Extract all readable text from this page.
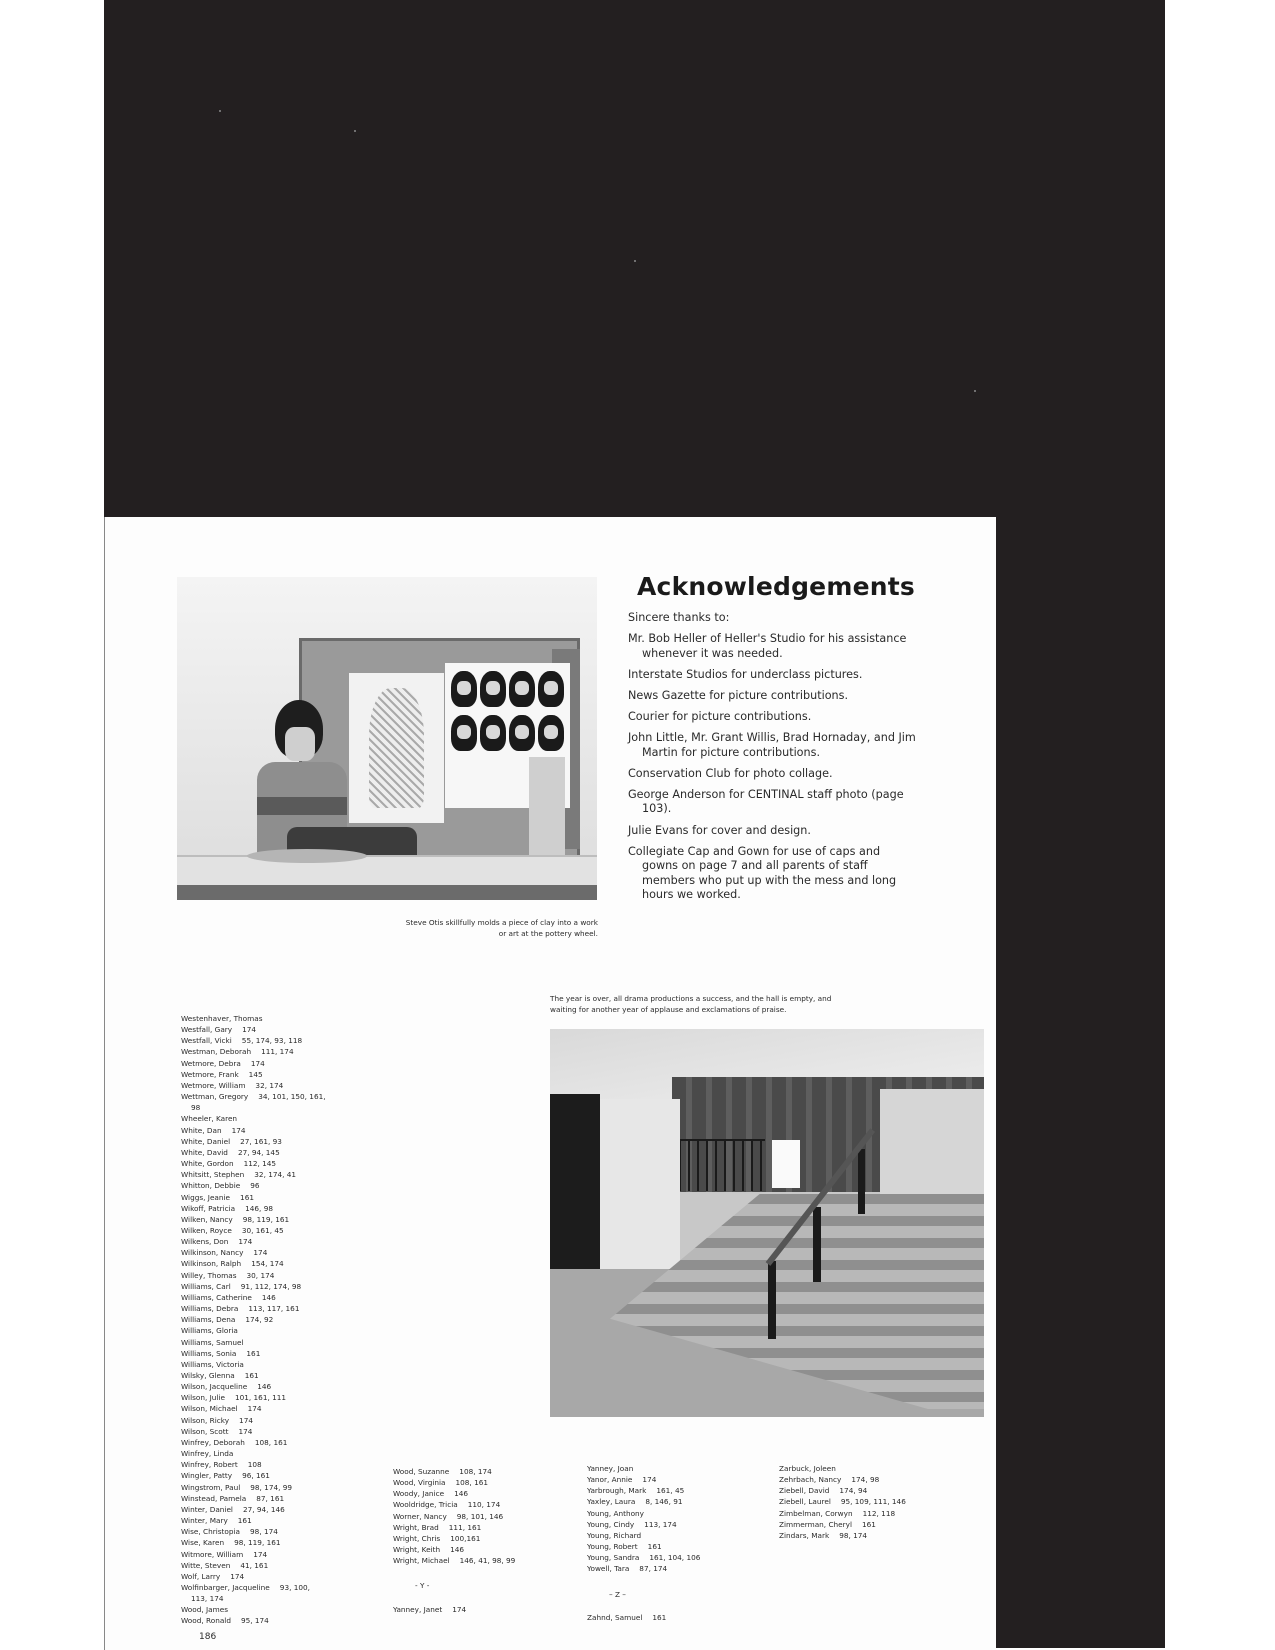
Steve Otis skillfully molds a piece of clay into a work
or art at the pottery wheel.
Acknowledgements
Sincere thanks to:
Mr. Bob Heller of Heller's Studio for his assistance whenever it was needed.
Interstate Studios for underclass pictures.
News Gazette for picture contributions.
Courier for picture contributions.
John Little, Mr. Grant Willis, Brad Hornaday, and Jim Martin for picture contributions.
Conservation Club for photo collage.
George Anderson for CENTINAL staff photo (page 103).
Julie Evans for cover and design.
Collegiate Cap and Gown for use of caps and gowns on page 7 and all parents of staff members who put up with the mess and long hours we worked.
The year is over, all drama productions a success, and the hall is empty, and
waiting for another year of applause and exclamations of praise.
Westenhaver, Thomas
Westfall, Gary 174
Westfall, Vicki 55, 174, 93, 118
Westman, Deborah 111, 174
Wetmore, Debra 174
Wetmore, Frank 145
Wetmore, William 32, 174
Wettman, Gregory 34, 101, 150, 161,
98
Wheeler, Karen
White, Dan 174
White, Daniel 27, 161, 93
White, David 27, 94, 145
White, Gordon 112, 145
Whitsitt, Stephen 32, 174, 41
Whitton, Debbie 96
Wiggs, Jeanie 161
Wikoff, Patricia 146, 98
Wilken, Nancy 98, 119, 161
Wilken, Royce 30, 161, 45
Wilkens, Don 174
Wilkinson, Nancy 174
Wilkinson, Ralph 154, 174
Willey, Thomas 30, 174
Williams, Carl 91, 112, 174, 98
Williams, Catherine 146
Williams, Debra 113, 117, 161
Williams, Dena 174, 92
Williams, Gloria
Williams, Samuel
Williams, Sonia 161
Williams, Victoria
Wilsky, Glenna 161
Wilson, Jacqueline 146
Wilson, Julie 101, 161, 111
Wilson, Michael 174
Wilson, Ricky 174
Wilson, Scott 174
Winfrey, Deborah 108, 161
Winfrey, Linda
Winfrey, Robert 108
Wingler, Patty 96, 161
Wingstrom, Paul 98, 174, 99
Winstead, Pamela 87, 161
Winter, Daniel 27, 94, 146
Winter, Mary 161
Wise, Christopia 98, 174
Wise, Karen 98, 119, 161
Witmore, William 174
Witte, Steven 41, 161
Wolf, Larry 174
Wolfinbarger, Jacqueline 93, 100,
113, 174
Wood, James
Wood, Ronald 95, 174
Wood, Suzanne 108, 174
Wood, Virginia 108, 161
Woody, Janice 146
Wooldridge, Tricia 110, 174
Worner, Nancy 98, 101, 146
Wright, Brad 111, 161
Wright, Chris 100,161
Wright, Keith 146
Wright, Michael 146, 41, 98, 99
- Y -
Yanney, Janet 174
Yanney, Joan
Yanor, Annie 174
Yarbrough, Mark 161, 45
Yaxley, Laura 8, 146, 91
Young, Anthony
Young, Cindy 113, 174
Young, Richard
Young, Robert 161
Young, Sandra 161, 104, 106
Yowell, Tara 87, 174
– Z –
Zahnd, Samuel 161
Zarbuck, Joleen
Zehrbach, Nancy 174, 98
Ziebell, David 174, 94
Ziebell, Laurel 95, 109, 111, 146
Zimbelman, Corwyn 112, 118
Zimmerman, Cheryl 161
Zindars, Mark 98, 174
186
